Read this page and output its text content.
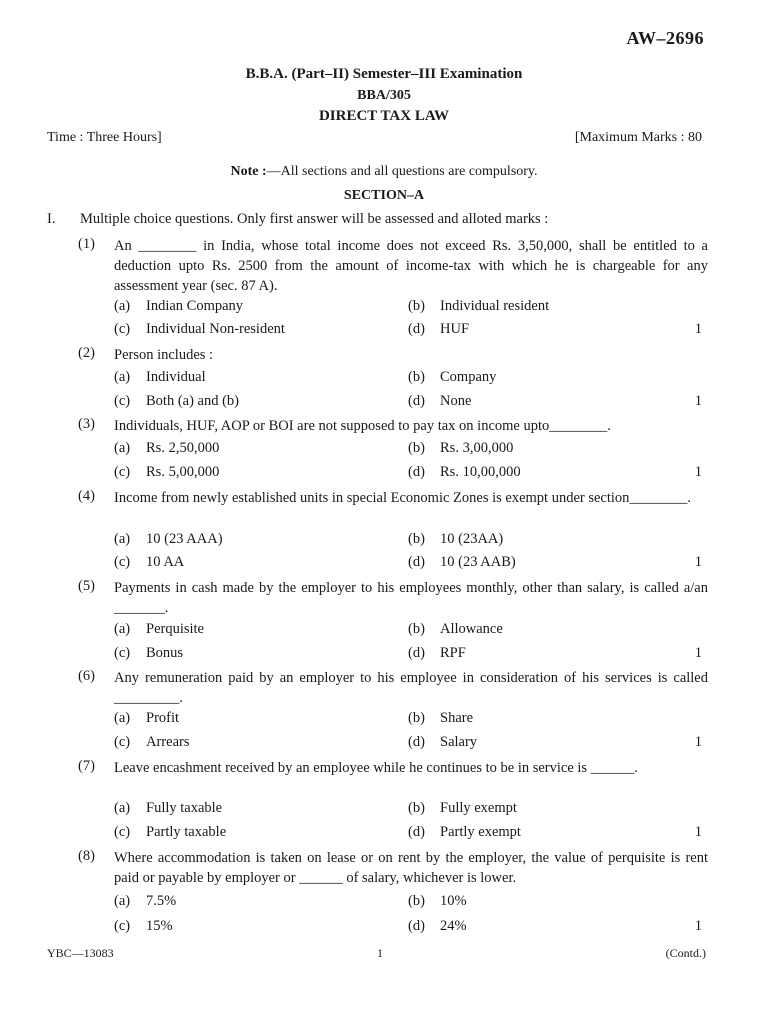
AW–2696
B.B.A. (Part–II) Semester–III Examination
BBA/305
DIRECT TAX LAW
Time : Three Hours]	[Maximum Marks : 80
Note :—All sections and all questions are compulsory.
SECTION–A
I. Multiple choice questions. Only first answer will be assessed and alloted marks :
(1) An ________ in India, whose total income does not exceed Rs. 3,50,000, shall be entitled to a deduction upto Rs. 2500 from the amount of income-tax with which he is chargeable for any assessment year (sec. 87 A).
(a) Indian Company	(b) Individual resident
(c) Individual Non-resident	(d) HUF	1
(2) Person includes :
(a) Individual	(b) Company
(c) Both (a) and (b)	(d) None	1
(3) Individuals, HUF, AOP or BOI are not supposed to pay tax on income upto________.
(a) Rs. 2,50,000	(b) Rs. 3,00,000
(c) Rs. 5,00,000	(d) Rs. 10,00,000	1
(4) Income from newly established units in special Economic Zones is exempt under section________.
(a) 10 (23 AAA)	(b) 10 (23AA)
(c) 10 AA	(d) 10 (23 AAB)	1
(5) Payments in cash made by the employer to his employees monthly, other than salary, is called a/an _______.
(a) Perquisite	(b) Allowance
(c) Bonus	(d) RPF	1
(6) Any remuneration paid by an employer to his employee in consideration of his services is called _________.
(a) Profit	(b) Share
(c) Arrears	(d) Salary	1
(7) Leave encashment received by an employee while he continues to be in service is ______.
(a) Fully taxable	(b) Fully exempt
(c) Partly taxable	(d) Partly exempt	1
(8) Where accommodation is taken on lease or on rent by the employer, the value of perquisite is rent paid or payable by employer or ______ of salary, whichever is lower.
(a) 7.5%	(b) 10%
(c) 15%	(d) 24%	1
YBC—13083	1	(Contd.)
